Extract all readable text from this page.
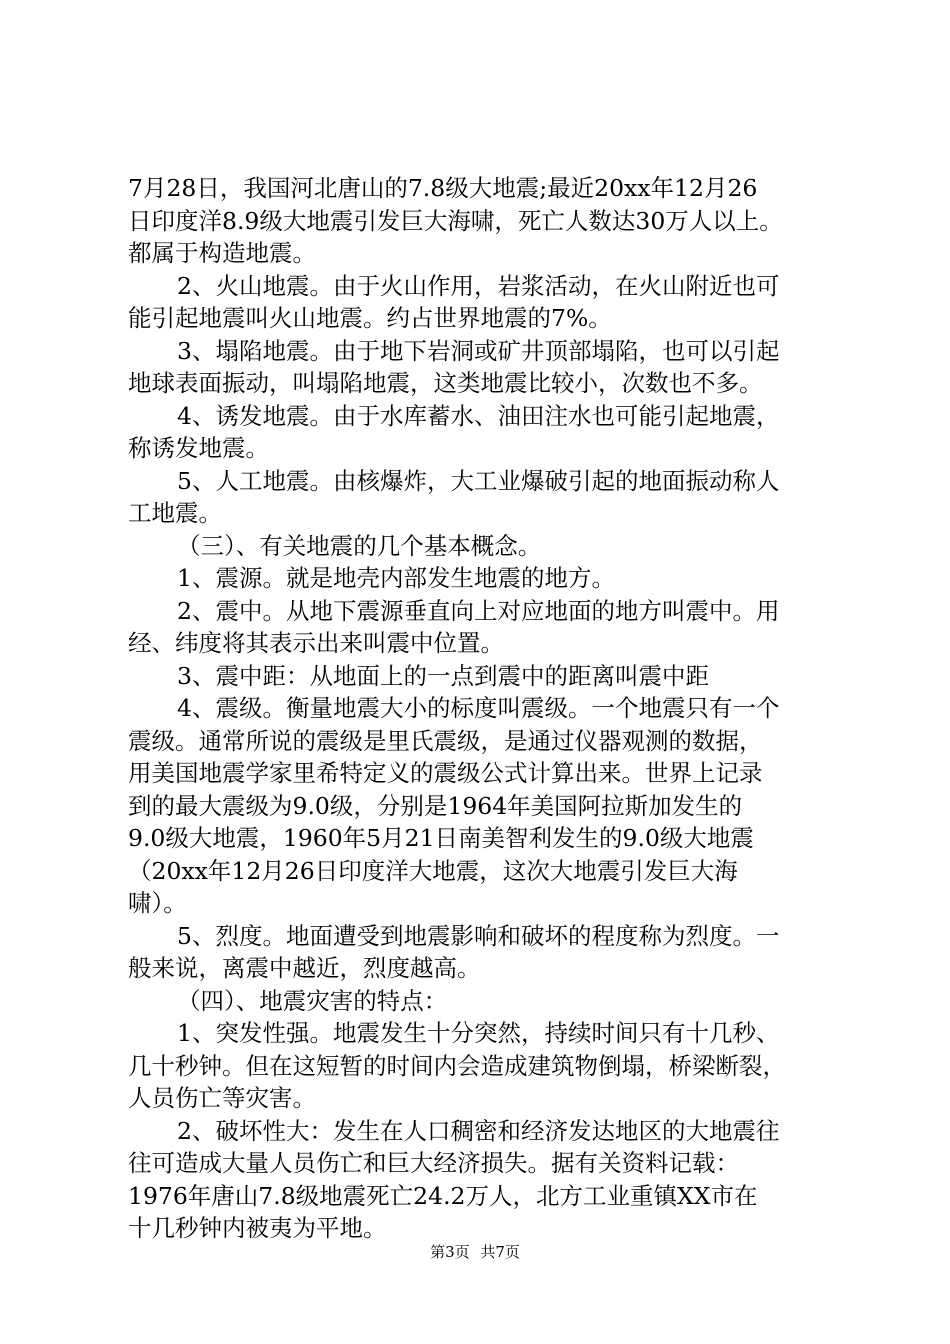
7月28日，我国河北唐山的7.8级大地震;最近20xx年12月26
日印度洋8.9级大地震引发巨大海啸，死亡人数达30万人以上。
都属于构造地震。
2、火山地震。由于火山作用，岩浆活动，在火山附近也可
能引起地震叫火山地震。约占世界地震的7%。
3、塌陷地震。由于地下岩洞或矿井顶部塌陷，也可以引起
地球表面振动，叫塌陷地震，这类地震比较小，次数也不多。
4、诱发地震。由于水库蓄水、油田注水也可能引起地震，
称诱发地震。
5、人工地震。由核爆炸，大工业爆破引起的地面振动称人
工地震。
（三）、有关地震的几个基本概念。
1、震源。就是地壳内部发生地震的地方。
2、震中。从地下震源垂直向上对应地面的地方叫震中。用
经、纬度将其表示出来叫震中位置。
3、震中距：从地面上的一点到震中的距离叫震中距
4、震级。衡量地震大小的标度叫震级。一个地震只有一个
震级。通常所说的震级是里氏震级，是通过仪器观测的数据，
用美国地震学家里希特定义的震级公式计算出来。世界上记录
到的最大震级为9.0级，分别是1964年美国阿拉斯加发生的
9.0级大地震，1960年5月21日南美智利发生的9.0级大地震
（20xx年12月26日印度洋大地震，这次大地震引发巨大海
啸）。
5、烈度。地面遭受到地震影响和破坏的程度称为烈度。一
般来说，离震中越近，烈度越高。
（四）、地震灾害的特点：
1、突发性强。地震发生十分突然，持续时间只有十几秒、
几十秒钟。但在这短暂的时间内会造成建筑物倒塌，桥梁断裂，
人员伤亡等灾害。
2、破坏性大：发生在人口稠密和经济发达地区的大地震往
往可造成大量人员伤亡和巨大经济损失。据有关资料记载：
1976年唐山7.8级地震死亡24.2万人，北方工业重镇XX市在
十几秒钟内被夷为平地。
第3页 共7页
